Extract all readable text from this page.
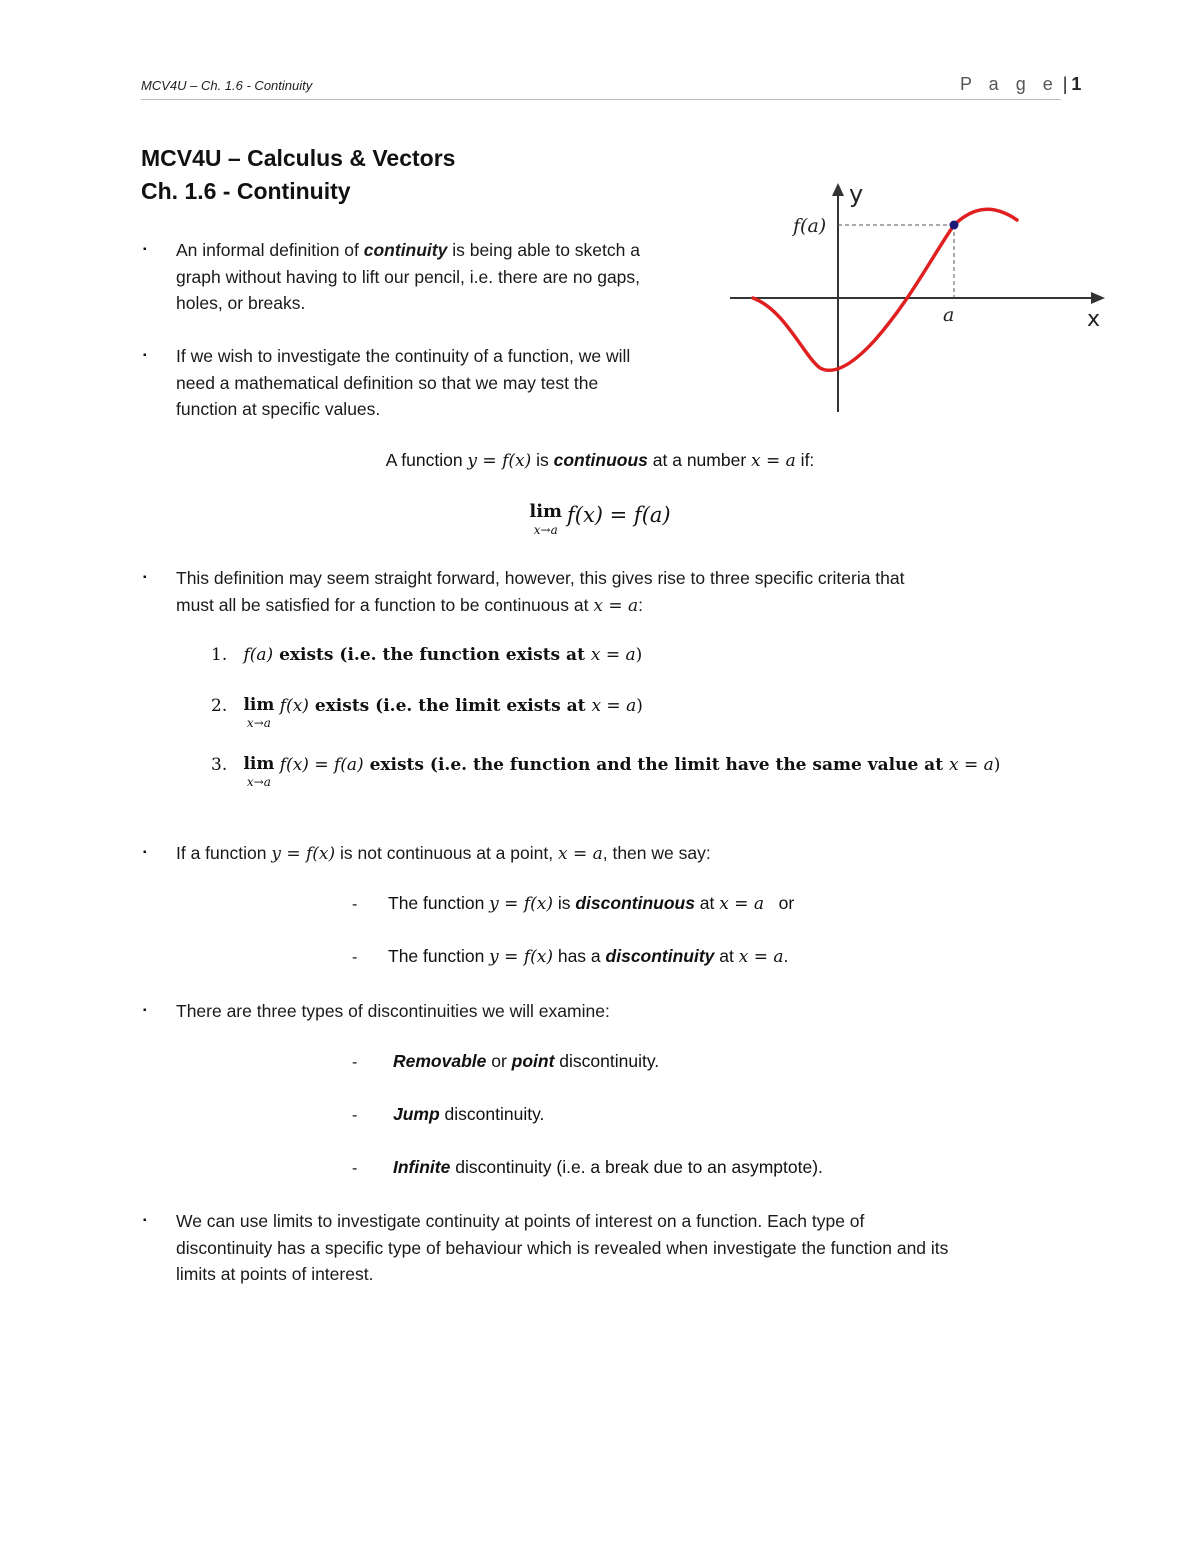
MCV4U – Ch. 1.6 - Continuity	P a g e | 1
MCV4U – Calculus & Vectors
Ch. 1.6 - Continuity	y
x
f(a)
a
▪ An informal definition of continuity is being able to sketch a
graph without having to lift our pencil, i.e. there are no gaps,
holes, or breaks.
▪ If we wish to investigate the continuity of a function, we will
need a mathematical definition so that we may test the
function at specific values.
A function y = f(x) is continuous at a number x = a if:
lim
x→a
f(x) = f(a)
▪ This definition may seem straight forward, however, this gives rise to three specific criteria that
must all be satisfied for a function to be continuous at x = a:
1. f(a) exists (i.e. the function exists at x = a)
2. lim
x→a
f(x) exists (i.e. the limit exists at x = a)
3. lim
x→a
f(x) = f(a) exists (i.e. the function and the limit have the same value at x = a)
▪ If a function y = f(x) is not continuous at a point, x = a, then we say:
- The function y = f(x) is discontinuous at x = a   or
- The function y = f(x) has a discontinuity at x = a.
▪ There are three types of discontinuities we will examine:
- Removable or point discontinuity.
- Jump discontinuity.
- Infinite discontinuity (i.e. a break due to an asymptote).
▪ We can use limits to investigate continuity at points of interest on a function. Each type of
discontinuity has a specific type of behaviour which is revealed when investigate the function and its
limits at points of interest.
